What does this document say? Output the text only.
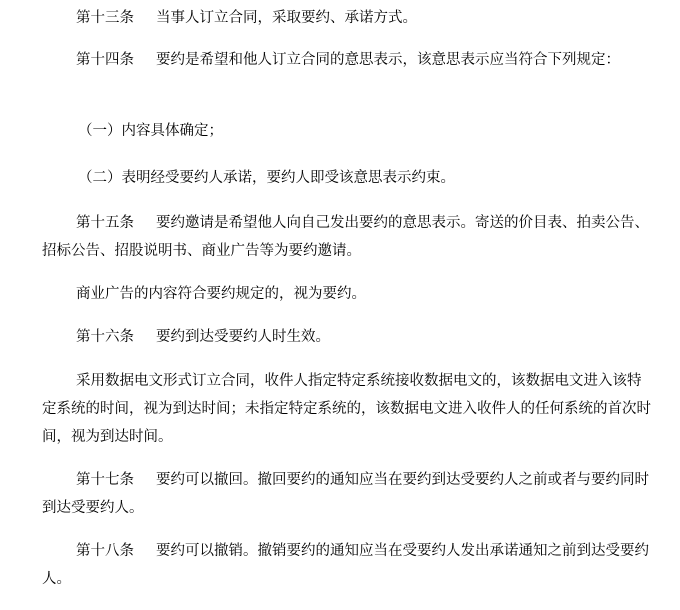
第十三条 当事人订立合同，采取要约、承诺方式。

第十四条 要约是希望和他人订立合同的意思表示，该意思表示应当符合下列规定：

（一）内容具体确定；

（二）表明经受要约人承诺，要约人即受该意思表示约束。

第十五条 要约邀请是希望他人向自己发出要约的意思表示。寄送的价目表、拍卖公告、招标公告、招股说明书、商业广告等为要约邀请。

商业广告的内容符合要约规定的，视为要约。

第十六条 要约到达受要约人时生效。

采用数据电文形式订立合同，收件人指定特定系统接收数据电文的，该数据电文进入该特定系统的时间，视为到达时间；未指定特定系统的，该数据电文进入收件人的任何系统的首次时间，视为到达时间。

第十七条 要约可以撤回。撤回要约的通知应当在要约到达受要约人之前或者与要约同时到达受要约人。

第十八条 要约可以撤销。撤销要约的通知应当在受要约人发出承诺通知之前到达受要约人。
